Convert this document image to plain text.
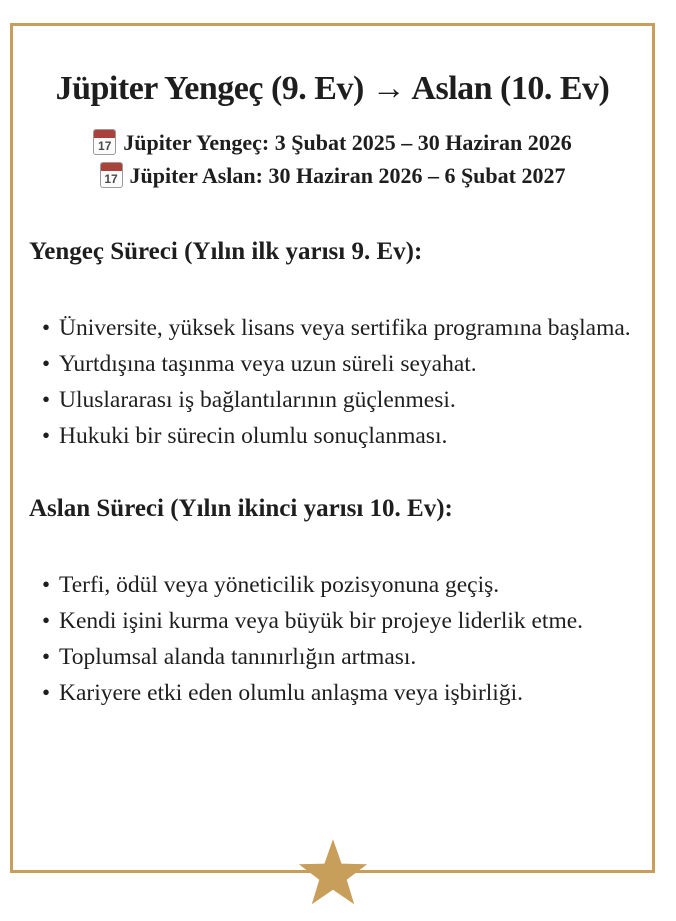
Jüpiter Yengeç (9. Ev) → Aslan (10. Ev)
17 Jüpiter Yengeç: 3 Şubat 2025 – 30 Haziran 2026
17 Jüpiter Aslan: 30 Haziran 2026 – 6 Şubat 2027
Yengeç Süreci (Yılın ilk yarısı 9. Ev):
• Üniversite, yüksek lisans veya sertifika programına başlama.
• Yurtdışına taşınma veya uzun süreli seyahat.
• Uluslararası iş bağlantılarının güçlenmesi.
• Hukuki bir sürecin olumlu sonuçlanması.
Aslan Süreci (Yılın ikinci yarısı 10. Ev):
• Terfi, ödül veya yöneticilik pozisyonuna geçiş.
• Kendi işini kurma veya büyük bir projeye liderlik etme.
• Toplumsal alanda tanınırlığın artması.
• Kariyere etki eden olumlu anlaşma veya işbirliği.
